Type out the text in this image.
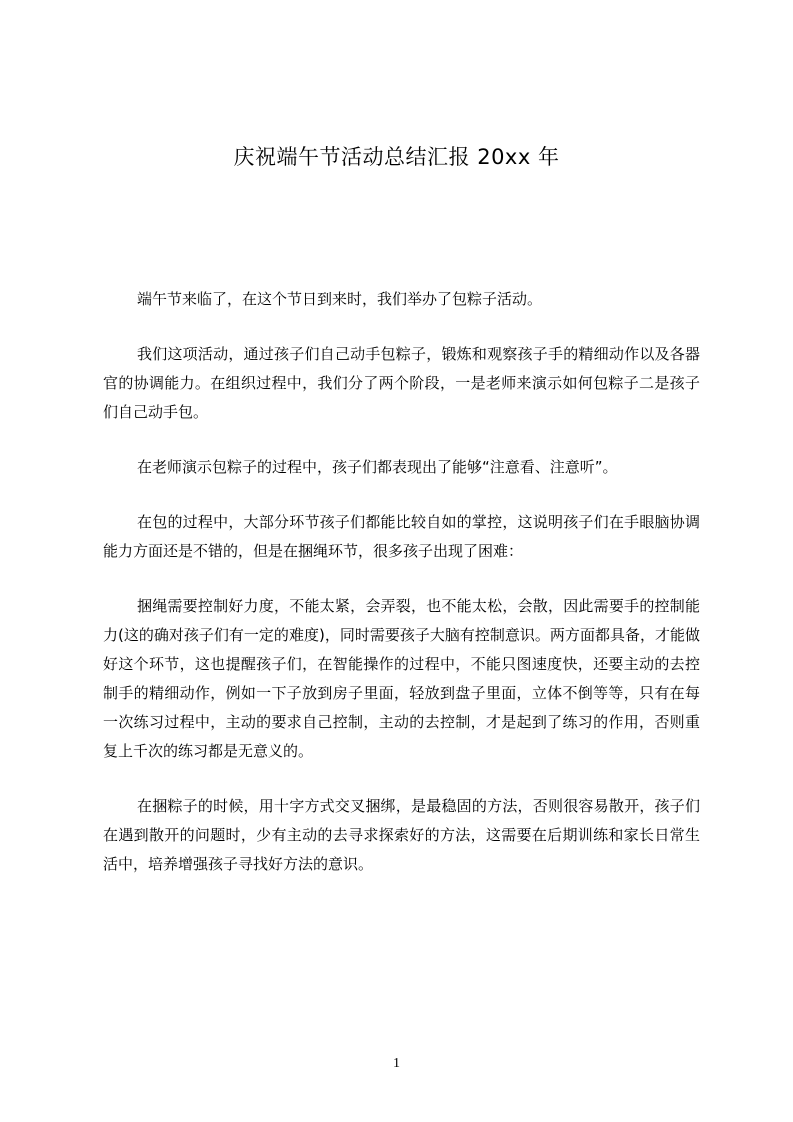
庆祝端午节活动总结汇报 20xx 年

端午节来临了，在这个节日到来时，我们举办了包粽子活动。

我们这项活动，通过孩子们自己动手包粽子，锻炼和观察孩子手的精细动作以及各器官的协调能力。在组织过程中，我们分了两个阶段，一是老师来演示如何包粽子二是孩子们自己动手包。

在老师演示包粽子的过程中，孩子们都表现出了能够“注意看、注意听”。

在包的过程中，大部分环节孩子们都能比较自如的掌控，这说明孩子们在手眼脑协调能力方面还是不错的，但是在捆绳环节，很多孩子出现了困难：

捆绳需要控制好力度，不能太紧，会弄裂，也不能太松，会散，因此需要手的控制能力(这的确对孩子们有一定的难度)，同时需要孩子大脑有控制意识。两方面都具备，才能做好这个环节，这也提醒孩子们，在智能操作的过程中，不能只图速度快，还要主动的去控制手的精细动作，例如一下子放到房子里面，轻放到盘子里面，立体不倒等等，只有在每一次练习过程中，主动的要求自己控制，主动的去控制，才是起到了练习的作用，否则重复上千次的练习都是无意义的。

在捆粽子的时候，用十字方式交叉捆绑，是最稳固的方法，否则很容易散开，孩子们在遇到散开的问题时，少有主动的去寻求探索好的方法，这需要在后期训练和家长日常生活中，培养增强孩子寻找好方法的意识。

1
